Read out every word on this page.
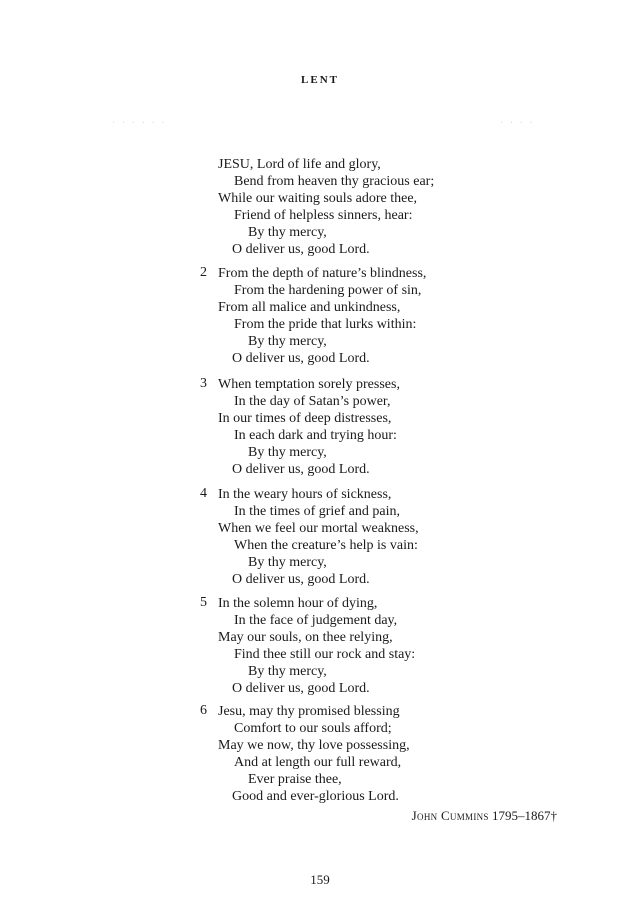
LENT
· · · · · ·	· · · ·
JESU, Lord of life and glory,
Bend from heaven thy gracious ear;
While our waiting souls adore thee,
Friend of helpless sinners, hear:
By thy mercy,
O deliver us, good Lord.
2 From the depth of nature’s blindness,
From the hardening power of sin,
From all malice and unkindness,
From the pride that lurks within:
By thy mercy,
O deliver us, good Lord.
3 When temptation sorely presses,
In the day of Satan’s power,
In our times of deep distresses,
In each dark and trying hour:
By thy mercy,
O deliver us, good Lord.
4 In the weary hours of sickness,
In the times of grief and pain,
When we feel our mortal weakness,
When the creature’s help is vain:
By thy mercy,
O deliver us, good Lord.
5 In the solemn hour of dying,
In the face of judgement day,
May our souls, on thee relying,
Find thee still our rock and stay:
By thy mercy,
O deliver us, good Lord.
6 Jesu, may thy promised blessing
Comfort to our souls afford;
May we now, thy love possessing,
And at length our full reward,
Ever praise thee,
Good and ever-glorious Lord.
John Cummins 1795–1867†
159
